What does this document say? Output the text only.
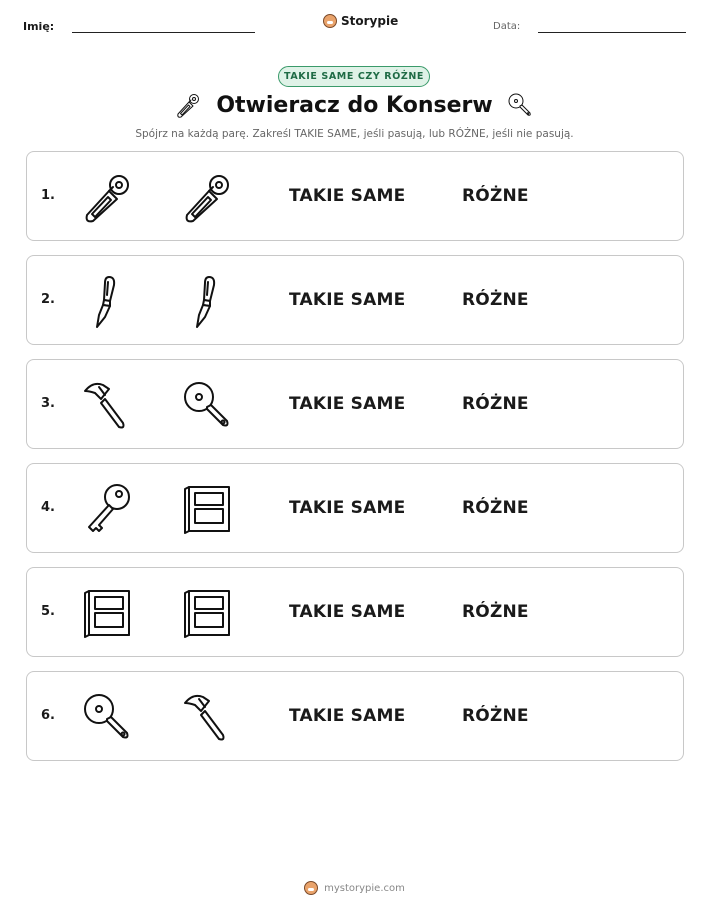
Imię:	Storypie	Data:
TAKIE SAME CZY RÓŻNE
Otwieracz do Konserw
Spójrz na każdą parę. Zakreśl TAKIE SAME, jeśli pasują, lub RÓŻNE, jeśli nie pasują.
1.	TAKIE SAME	RÓŻNE
2.	TAKIE SAME	RÓŻNE
3.	TAKIE SAME	RÓŻNE
4.	TAKIE SAME	RÓŻNE
5.	TAKIE SAME	RÓŻNE
6.	TAKIE SAME	RÓŻNE
mystorypie.com
